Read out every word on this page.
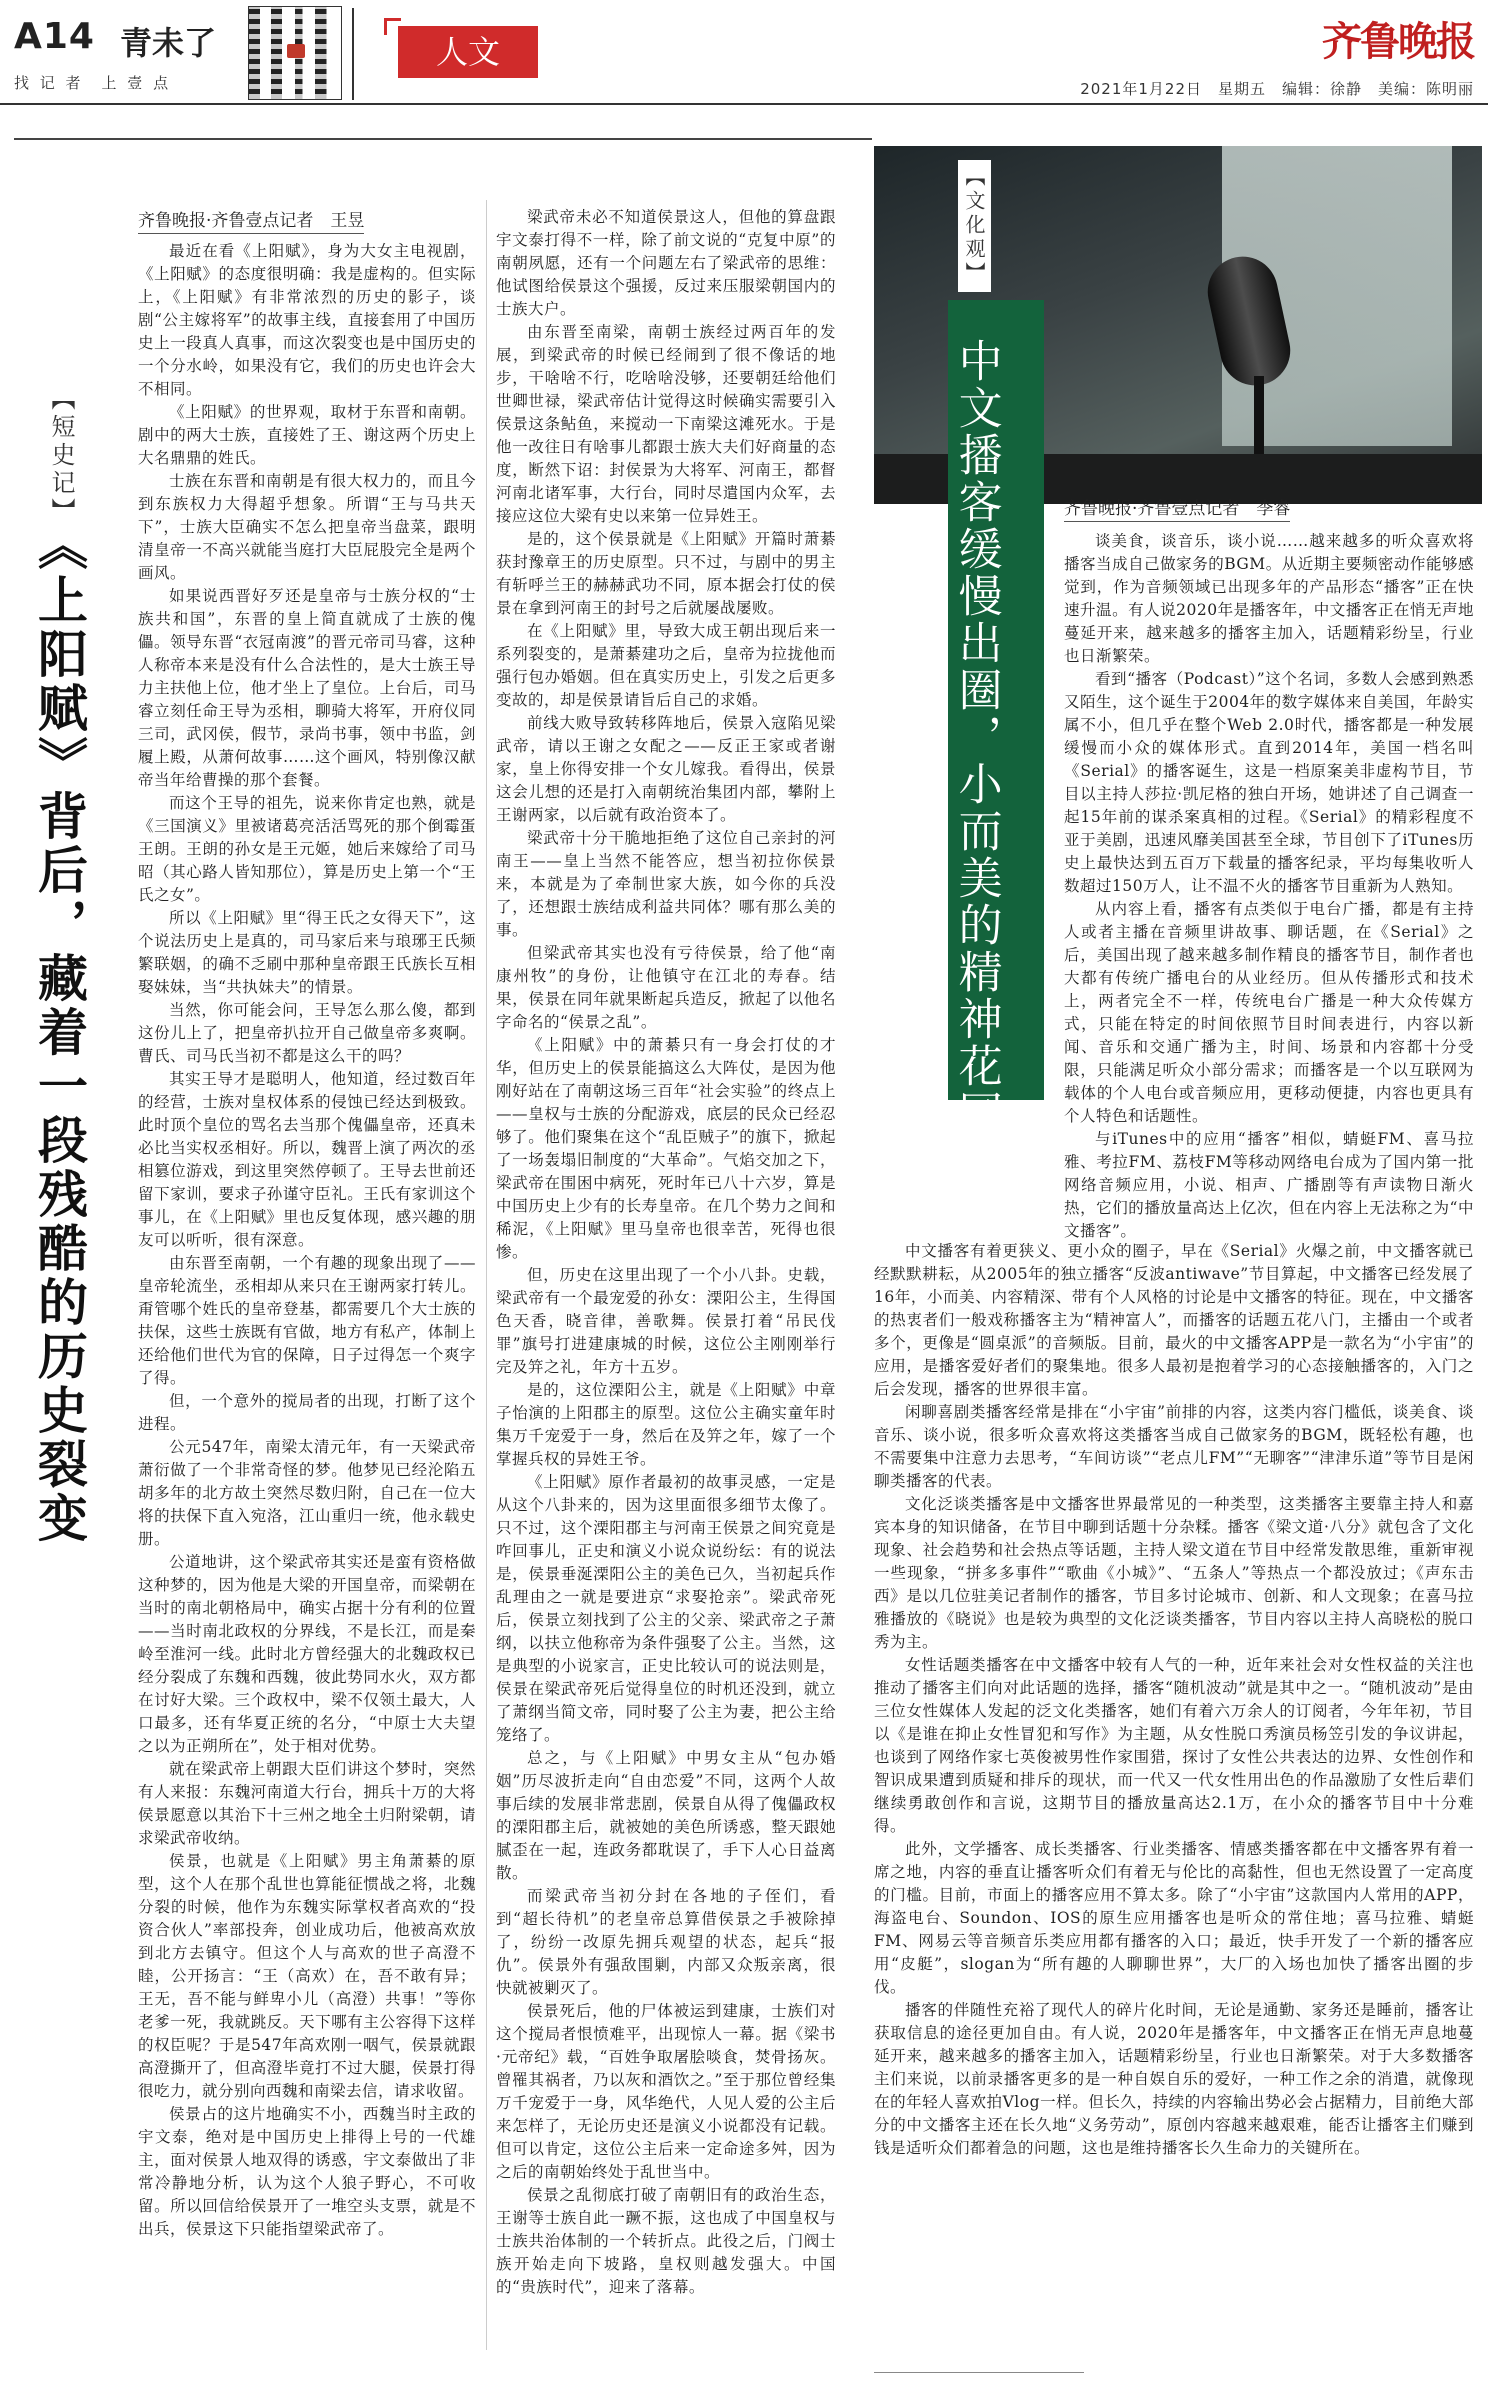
A14 青未了
找 记 者　上 壹 点
人文	齐鲁晚报
2021年1月22日　星期五　编辑：徐静　美编：陈明丽
【短史记】
《上阳赋》背后，藏着一段残酷的历史裂变
齐鲁晚报·齐鲁壹点记者　王昱

最近在看《上阳赋》，身为大女主电视剧，《上阳赋》的态度很明确：我是虚构的。但实际上，《上阳赋》有非常浓烈的历史的影子，谈剧“公主嫁将军”的故事主线，直接套用了中国历史上一段真人真事，而这次裂变也是中国历史的一个分水岭，如果没有它，我们的历史也许会大不相同。

《上阳赋》的世界观，取材于东晋和南朝。剧中的两大士族，直接姓了王、谢这两个历史上大名鼎鼎的姓氏。

士族在东晋和南朝是有很大权力的，而且今到东族权力大得超乎想象。所谓“王与马共天下”，士族大臣确实不怎么把皇帝当盘菜，跟明清皇帝一不高兴就能当庭打大臣屁股完全是两个画风。

如果说西晋好歹还是皇帝与士族分权的“士族共和国”，东晋的皇上简直就成了士族的傀儡。领导东晋“衣冠南渡”的晋元帝司马睿，这种人称帝本来是没有什么合法性的，是大士族王导力主扶他上位，他才坐上了皇位。上台后，司马睿立刻任命王导为丞相，聊骑大将军，开府仪同三司，武冈侯，假节，录尚书事，领中书监，剑履上殿，从萧何故事……这个画风，特别像汉献帝当年给曹操的那个套餐。

而这个王导的祖先，说来你肯定也熟，就是《三国演义》里被诸葛亮活活骂死的那个倒霉蛋王朗。王朗的孙女是王元姬，她后来嫁给了司马昭（其心路人皆知那位），算是历史上第一个“王氏之女”。

所以《上阳赋》里“得王氏之女得天下”，这个说法历史上是真的，司马家后来与琅琊王氏频繁联姻，的确不乏刷中那种皇帝跟王氏族长互相娶妹妹，当“共执妹夫”的情景。

当然，你可能会问，王导怎么那么傻，都到这份儿上了，把皇帝扒拉开自己做皇帝多爽啊。曹氏、司马氏当初不都是这么干的吗？

其实王导才是聪明人，他知道，经过数百年的经营，士族对皇权体系的侵蚀已经达到极致。此时顶个皇位的骂名去当那个傀儡皇帝，还真未必比当实权丞相好。所以，魏晋上演了两次的丞相篡位游戏，到这里突然停顿了。王导去世前还留下家训，要求子孙谨守臣礼。王氏有家训这个事儿，在《上阳赋》里也反复体现，感兴趣的朋友可以听听，很有深意。

由东晋至南朝，一个有趣的现象出现了——皇帝轮流坐，丞相却从来只在王谢两家打转儿。甭管哪个姓氏的皇帝登基，都需要几个大士族的扶保，这些士族既有官做，地方有私产，体制上还给他们世代为官的保障，日子过得怎一个爽字了得。

但，一个意外的搅局者的出现，打断了这个进程。

公元547年，南梁太清元年，有一天梁武帝萧衍做了一个非常奇怪的梦。他梦见已经沦陷五胡多年的北方故土突然尽数归附，自己在一位大将的扶保下直入宛洛，江山重归一统，他永载史册。

公道地讲，这个梁武帝其实还是蛮有资格做这种梦的，因为他是大梁的开国皇帝，而梁朝在当时的南北朝格局中，确实占据十分有利的位置——当时南北政权的分界线，不是长江，而是秦岭至淮河一线。此时北方曾经强大的北魏政权已经分裂成了东魏和西魏，彼此势同水火，双方都在讨好大梁。三个政权中，梁不仅领土最大，人口最多，还有华夏正统的名分，“中原士大夫望之以为正朔所在”，处于相对优势。

就在梁武帝上朝跟大臣们讲这个梦时，突然有人来报：东魏河南道大行台，拥兵十万的大将侯景愿意以其治下十三州之地全土归附梁朝，请求梁武帝收纳。

侯景，也就是《上阳赋》男主角萧綦的原型，这个人在那个乱世也算能征惯战之将，北魏分裂的时候，他作为东魏实际掌权者高欢的“投资合伙人”率部投奔，创业成功后，他被高欢放到北方去镇守。但这个人与高欢的世子高澄不睦，公开扬言：“王（高欢）在，吾不敢有异；王无，吾不能与鲜卑小儿（高澄）共事！”等你老爹一死，我就跳反。天下哪有主公容得下这样的权臣呢？于是547年高欢刚一咽气，侯景就跟高澄撕开了，但高澄毕竟打不过大腿，侯景打得很吃力，就分别向西魏和南梁去信，请求收留。

侯景占的这片地确实不小，西魏当时主政的宇文泰，绝对是中国历史上排得上号的一代雄主，面对侯景人地双得的诱惑，宇文泰做出了非常冷静地分析，认为这个人狼子野心，不可收留。所以回信给侯景开了一堆空头支票，就是不出兵，侯景这下只能指望梁武帝了。

梁武帝未必不知道侯景这人，但他的算盘跟宇文泰打得不一样，除了前文说的“克复中原”的南朝夙愿，还有一个问题左右了梁武帝的思维：他试图给侯景这个强援，反过来压服梁朝国内的士族大户。

由东晋至南梁，南朝士族经过两百年的发展，到梁武帝的时候已经闹到了很不像话的地步，干啥啥不行，吃啥啥没够，还要朝廷给他们世卿世禄，梁武帝估计觉得这时候确实需要引入侯景这条鲇鱼，来搅动一下南梁这滩死水。于是他一改往日有啥事儿都跟士族大夫们好商量的态度，断然下诏：封侯景为大将军、河南王，都督河南北诸军事，大行台，同时尽遣国内众军，去接应这位大梁有史以来第一位异姓王。

是的，这个侯景就是《上阳赋》开篇时萧綦获封豫章王的历史原型。只不过，与剧中的男主有斩呼兰王的赫赫武功不同，原本据会打仗的侯景在拿到河南王的封号之后就屡战屡败。

在《上阳赋》里，导致大成王朝出现后来一系列裂变的，是萧綦建功之后，皇帝为拉拢他而强行包办婚姻。但在真实历史上，引发之后更多变故的，却是侯景请旨后自己的求婚。

前线大败导致转移阵地后，侯景入寇陷见梁武帝，请以王谢之女配之——反正王家或者谢家，皇上你得安排一个女儿嫁我。看得出，侯景这会儿想的还是打入南朝统治集团内部，攀附上王谢两家，以后就有政治资本了。

梁武帝十分干脆地拒绝了这位自己亲封的河南王——皇上当然不能答应，想当初拉你侯景来，本就是为了牵制世家大族，如今你的兵没了，还想跟士族结成利益共同体？哪有那么美的事。

但梁武帝其实也没有亏待侯景，给了他“南康州牧”的身份，让他镇守在江北的寿春。结果，侯景在同年就果断起兵造反，掀起了以他名字命名的“侯景之乱”。

《上阳赋》中的萧綦只有一身会打仗的才华，但历史上的侯景能搞这么大阵仗，是因为他刚好站在了南朝这场三百年“社会实验”的终点上——皇权与士族的分配游戏，底层的民众已经忍够了。他们聚集在这个“乱臣贼子”的旗下，掀起了一场轰塌旧制度的“大革命”。气焰交加之下，梁武帝在围困中病死，死时年已八十六岁，算是中国历史上少有的长寿皇帝。在几个势力之间和稀泥，《上阳赋》里马皇帝也很幸苦，死得也很惨。

但，历史在这里出现了一个小八卦。史载，梁武帝有一个最宠爱的孙女：溧阳公主，生得国色天香，晓音律，善歌舞。侯景打着“吊民伐罪”旗号打进建康城的时候，这位公主刚刚举行完及笄之礼，年方十五岁。

是的，这位溧阳公主，就是《上阳赋》中章子怡演的上阳郡主的原型。这位公主确实童年时集万千宠爱于一身，然后在及笄之年，嫁了一个掌握兵权的异姓王爷。

《上阳赋》原作者最初的故事灵感，一定是从这个八卦来的，因为这里面很多细节太像了。只不过，这个溧阳郡主与河南王侯景之间究竟是咋回事儿，正史和演义小说众说纷纭：有的说法是，侯景垂涎溧阳公主的美色已久，当初起兵作乱理由之一就是要进京“求娶抢亲”。梁武帝死后，侯景立刻找到了公主的父亲、梁武帝之子萧纲，以扶立他称帝为条件强娶了公主。当然，这是典型的小说家言，正史比较认可的说法则是，侯景在梁武帝死后觉得皇位的时机还没到，就立了萧纲当简文帝，同时娶了公主为妻，把公主给笼络了。

总之，与《上阳赋》中男女主从“包办婚姻”历尽波折走向“自由恋爱”不同，这两个人故事后续的发展非常悲剧，侯景自从得了傀儡政权的溧阳郡主后，就被她的美色所诱惑，整天跟她腻歪在一起，连政务都耽误了，手下人心日益离散。

而梁武帝当初分封在各地的子侄们，看到“超长待机”的老皇帝总算借侯景之手被除掉了，纷纷一改原先拥兵观望的状态，起兵“报仇”。侯景外有强敌围剿，内部又众叛亲离，很快就被剿灭了。

侯景死后，他的尸体被运到建康，士族们对这个搅局者恨愤难平，出现惊人一幕。据《梁书·元帝纪》载，“百姓争取屠脍啖食，焚骨扬灰。曾罹其祸者，乃以灰和酒饮之。”至于那位曾经集万千宠爱于一身，风华绝代，人见人爱的公主后来怎样了，无论历史还是演义小说都没有记载。但可以肯定，这位公主后来一定命途多舛，因为之后的南朝始终处于乱世当中。

侯景之乱彻底打破了南朝旧有的政治生态，王谢等士族自此一蹶不振，这也成了中国皇权与士族共治体制的一个转折点。此役之后，门阀士族开始走向下坡路，皇权则越发强大。中国的“贵族时代”，迎来了落幕。

【文化观】
中文播客缓慢出圈，小而美的精神花园	齐鲁晚报·齐鲁壹点记者　李睿

谈美食，谈音乐，谈小说……越来越多的听众喜欢将播客当成自己做家务的BGM。从近期主要频密动作能够感觉到，作为音频领域已出现多年的产品形态“播客”正在快速升温。有人说2020年是播客年，中文播客正在悄无声地蔓延开来，越来越多的播客主加入，话题精彩纷呈，行业也日渐繁荣。

看到“播客（Podcast）”这个名词，多数人会感到熟悉又陌生，这个诞生于2004年的数字媒体来自美国，年龄实属不小，但几乎在整个Web 2.0时代，播客都是一种发展缓慢而小众的媒体形式。直到2014年，美国一档名叫《Serial》的播客诞生，这是一档原案美非虚构节目，节目以主持人莎拉·凯尼格的独白开场，她讲述了自己调查一起15年前的谋杀案真相的过程。《Serial》的精彩程度不亚于美剧，迅速风靡美国甚至全球，节目创下了iTunes历史上最快达到五百万下载量的播客纪录，平均每集收听人数超过150万人，让不温不火的播客节目重新为人熟知。

从内容上看，播客有点类似于电台广播，都是有主持人或者主播在音频里讲故事、聊话题，在《Serial》之后，美国出现了越来越多制作精良的播客节目，制作者也大都有传统广播电台的从业经历。但从传播形式和技术上，两者完全不一样，传统电台广播是一种大众传媒方式，只能在特定的时间依照节目时间表进行，内容以新闻、音乐和交通广播为主，时间、场景和内容都十分受限，只能满足听众小部分需求；而播客是一个以互联网为载体的个人电台或音频应用，更移动便捷，内容也更具有个人特色和话题性。

与iTunes中的应用“播客”相似，蜻蜓FM、喜马拉雅、考拉FM、荔枝FM等移动网络电台成为了国内第一批网络音频应用，小说、相声、广播剧等有声读物日渐火热，它们的播放量高达上亿次，但在内容上无法称之为“中文播客”。

中文播客有着更狭义、更小众的圈子，早在《Serial》火爆之前，中文播客就已经默默耕耘，从2005年的独立播客“反波antiwave”节目算起，中文播客已经发展了16年，小而美、内容精深、带有个人风格的讨论是中文播客的特征。现在，中文播客的热衷者们一般戏称播客主为“精神富人”，而播客的话题五花八门，主播由一个或者多个，更像是“圆桌派”的音频版。目前，最火的中文播客APP是一款名为“小宇宙”的应用，是播客爱好者们的聚集地。很多人最初是抱着学习的心态接触播客的，入门之后会发现，播客的世界很丰富。

闲聊喜剧类播客经常是排在“小宇宙”前排的内容，这类内容门槛低，谈美食、谈音乐、谈小说，很多听众喜欢将这类播客当成自己做家务的BGM，既轻松有趣，也不需要集中注意力去思考，“车间访谈”“老点儿FM”“无聊客”“津津乐道”等节目是闲聊类播客的代表。

文化泛谈类播客是中文播客世界最常见的一种类型，这类播客主要靠主持人和嘉宾本身的知识储备，在节目中聊到话题十分杂糅。播客《梁文道·八分》就包含了文化现象、社会趋势和社会热点等话题，主持人梁文道在节目中经常发散思维，重新审视一些现象，“拼多多事件”“歌曲《小城》”、“五条人”等热点一个都没放过；《声东击西》是以几位驻美记者制作的播客，节目多讨论城市、创新、和人文现象；在喜马拉雅播放的《晓说》也是较为典型的文化泛谈类播客，节目内容以主持人高晓松的脱口秀为主。

女性话题类播客在中文播客中较有人气的一种，近年来社会对女性权益的关注也推动了播客主们向对此话题的选择，播客“随机波动”就是其中之一。“随机波动”是由三位女性媒体人发起的泛文化类播客，她们有着六万余人的订阅者，今年年初，节目以《是谁在抑止女性冒犯和写作》为主题，从女性脱口秀演员杨笠引发的争议讲起，也谈到了网络作家七英俊被男性作家围猎，探讨了女性公共表达的边界、女性创作和智识成果遭到质疑和排斥的现状，而一代又一代女性用出色的作品激励了女性后辈们继续勇敢创作和言说，这期节目的播放量高达2.1万，在小众的播客节目中十分难得。

此外，文学播客、成长类播客、行业类播客、情感类播客都在中文播客界有着一席之地，内容的垂直让播客听众们有着无与伦比的高黏性，但也无然设置了一定高度的门槛。目前，市面上的播客应用不算太多。除了“小宇宙”这款国内人常用的APP，海盗电台、Soundon、IOS的原生应用播客也是听众的常住地；喜马拉雅、蜻蜓FM、网易云等音频音乐类应用都有播客的入口；最近，快手开发了一个新的播客应用“皮艇”，slogan为“所有趣的人聊聊世界”，大厂的入场也加快了播客出圈的步伐。

播客的伴随性充裕了现代人的碎片化时间，无论是通勤、家务还是睡前，播客让获取信息的途径更加自由。有人说，2020年是播客年，中文播客正在悄无声息地蔓延开来，越来越多的播客主加入，话题精彩纷呈，行业也日渐繁荣。对于大多数播客主们来说，以前录播客更多的是一种自娱自乐的爱好，一种工作之余的消遣，就像现在的年轻人喜欢拍Vlog一样。但长久，持续的内容输出势必会占据精力，目前绝大部分的中文播客主还在长久地“义务劳动”，原创内容越来越艰难，能否让播客主们赚到钱是适听众们都着急的问题，这也是维持播客长久生命力的关键所在。
